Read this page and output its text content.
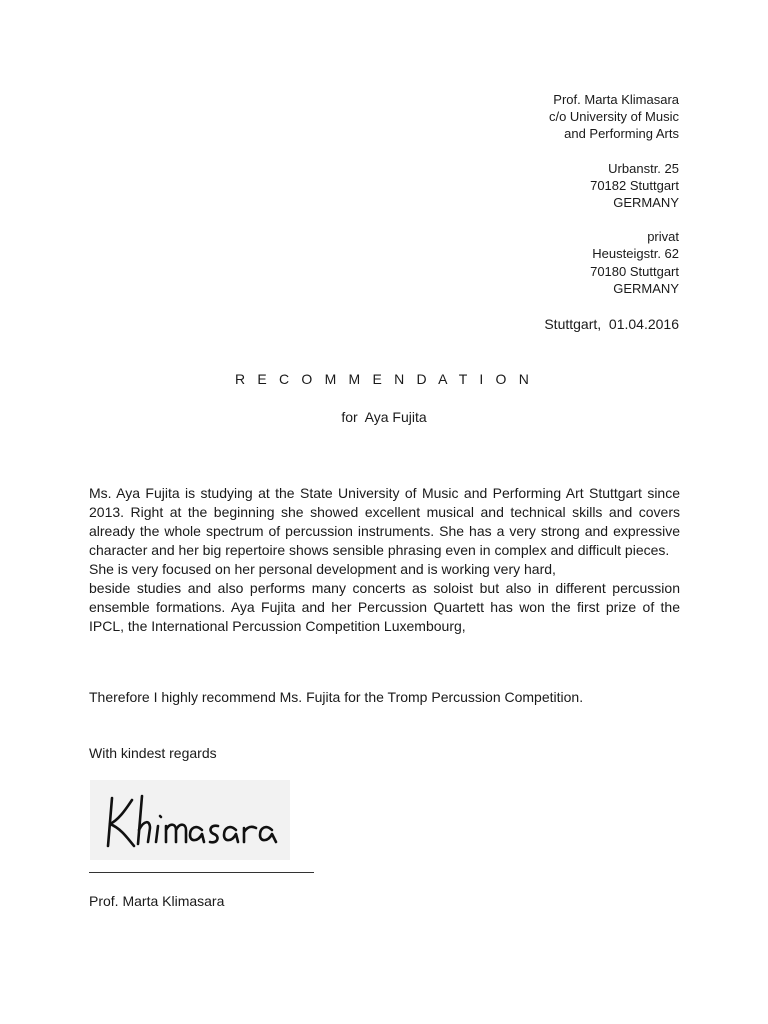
Prof. Marta Klimasara
c/o University of Music
and Performing Arts
Urbanstr. 25
70182 Stuttgart
GERMANY
privat
Heusteigstr. 62
70180 Stuttgart
GERMANY
Stuttgart,  01.04.2016
R E C O M M E N D A T I O N
for  Aya Fujita

Ms. Aya Fujita is studying at the State University of Music and Performing Art Stuttgart since 2013. Right at the beginning she showed excellent musical and technical skills and covers already the whole spectrum of percussion instruments. She has a very strong and expressive character and her big repertoire shows sensible phrasing even in complex and difficult pieces.

She is very focused on her personal development and is working very hard,

beside studies and also performs many concerts as soloist but also in different percussion ensemble formations. Aya Fujita and her Percussion Quartett has won the first prize of the IPCL, the International Percussion Competition Luxembourg,

Therefore I highly recommend Ms. Fujita for the Tromp Percussion Competition.
With kindest regards
Prof. Marta Klimasara
